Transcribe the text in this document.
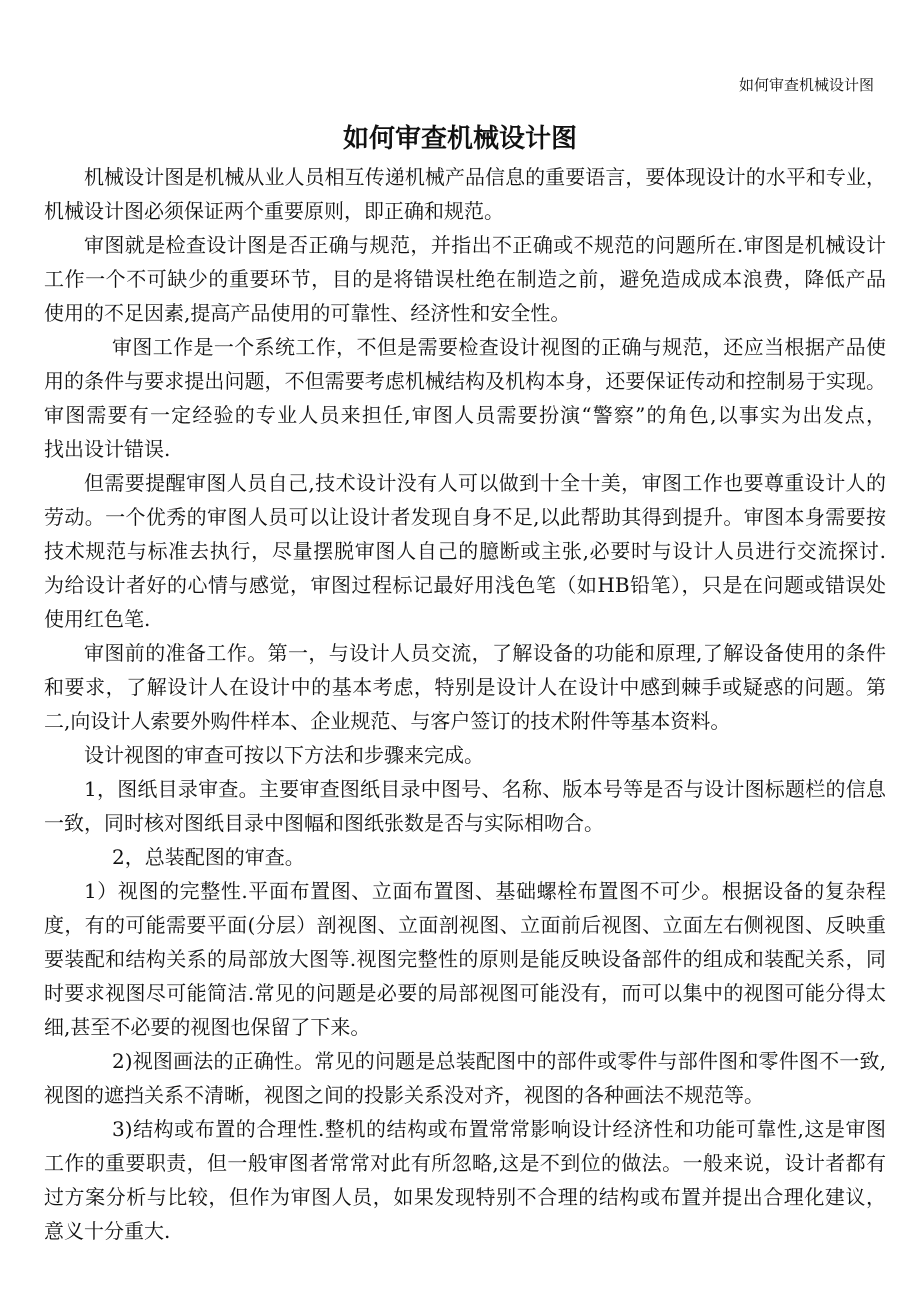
如何审查机械设计图
如何审查机械设计图
机械设计图是机械从业人员相互传递机械产品信息的重要语言，要体现设计的水平和专业，
机械设计图必须保证两个重要原则，即正确和规范。
审图就是检查设计图是否正确与规范，并指出不正确或不规范的问题所在.审图是机械设计
工作一个不可缺少的重要环节，目的是将错误杜绝在制造之前，避免造成成本浪费，降低产品
使用的不足因素,提高产品使用的可靠性、经济性和安全性。
审图工作是一个系统工作，不但是需要检查设计视图的正确与规范，还应当根据产品使
用的条件与要求提出问题，不但需要考虑机械结构及机构本身，还要保证传动和控制易于实现。
审图需要有一定经验的专业人员来担任,审图人员需要扮演“警察”的角色,以事实为出发点，
找出设计错误.
但需要提醒审图人员自己,技术设计没有人可以做到十全十美，审图工作也要尊重设计人的
劳动。一个优秀的审图人员可以让设计者发现自身不足,以此帮助其得到提升。审图本身需要按
技术规范与标准去执行，尽量摆脱审图人自己的臆断或主张,必要时与设计人员进行交流探讨.
为给设计者好的心情与感觉，审图过程标记最好用浅色笔（如HB铅笔），只是在问题或错误处
使用红色笔.
审图前的准备工作。第一，与设计人员交流，了解设备的功能和原理,了解设备使用的条件
和要求，了解设计人在设计中的基本考虑，特别是设计人在设计中感到棘手或疑惑的问题。第
二,向设计人索要外购件样本、企业规范、与客户签订的技术附件等基本资料。
设计视图的审查可按以下方法和步骤来完成。
1，图纸目录审查。主要审查图纸目录中图号、名称、版本号等是否与设计图标题栏的信息
一致，同时核对图纸目录中图幅和图纸张数是否与实际相吻合。
2，总装配图的审查。
1）视图的完整性.平面布置图、立面布置图、基础螺栓布置图不可少。根据设备的复杂程
度，有的可能需要平面(分层）剖视图、立面剖视图、立面前后视图、立面左右侧视图、反映重
要装配和结构关系的局部放大图等.视图完整性的原则是能反映设备部件的组成和装配关系，同
时要求视图尽可能简洁.常见的问题是必要的局部视图可能没有，而可以集中的视图可能分得太
细,甚至不必要的视图也保留了下来。
2)视图画法的正确性。常见的问题是总装配图中的部件或零件与部件图和零件图不一致,
视图的遮挡关系不清晰，视图之间的投影关系没对齐，视图的各种画法不规范等。
3)结构或布置的合理性.整机的结构或布置常常影响设计经济性和功能可靠性,这是审图
工作的重要职责，但一般审图者常常对此有所忽略,这是不到位的做法。一般来说，设计者都有
过方案分析与比较，但作为审图人员，如果发现特别不合理的结构或布置并提出合理化建议，
意义十分重大.
